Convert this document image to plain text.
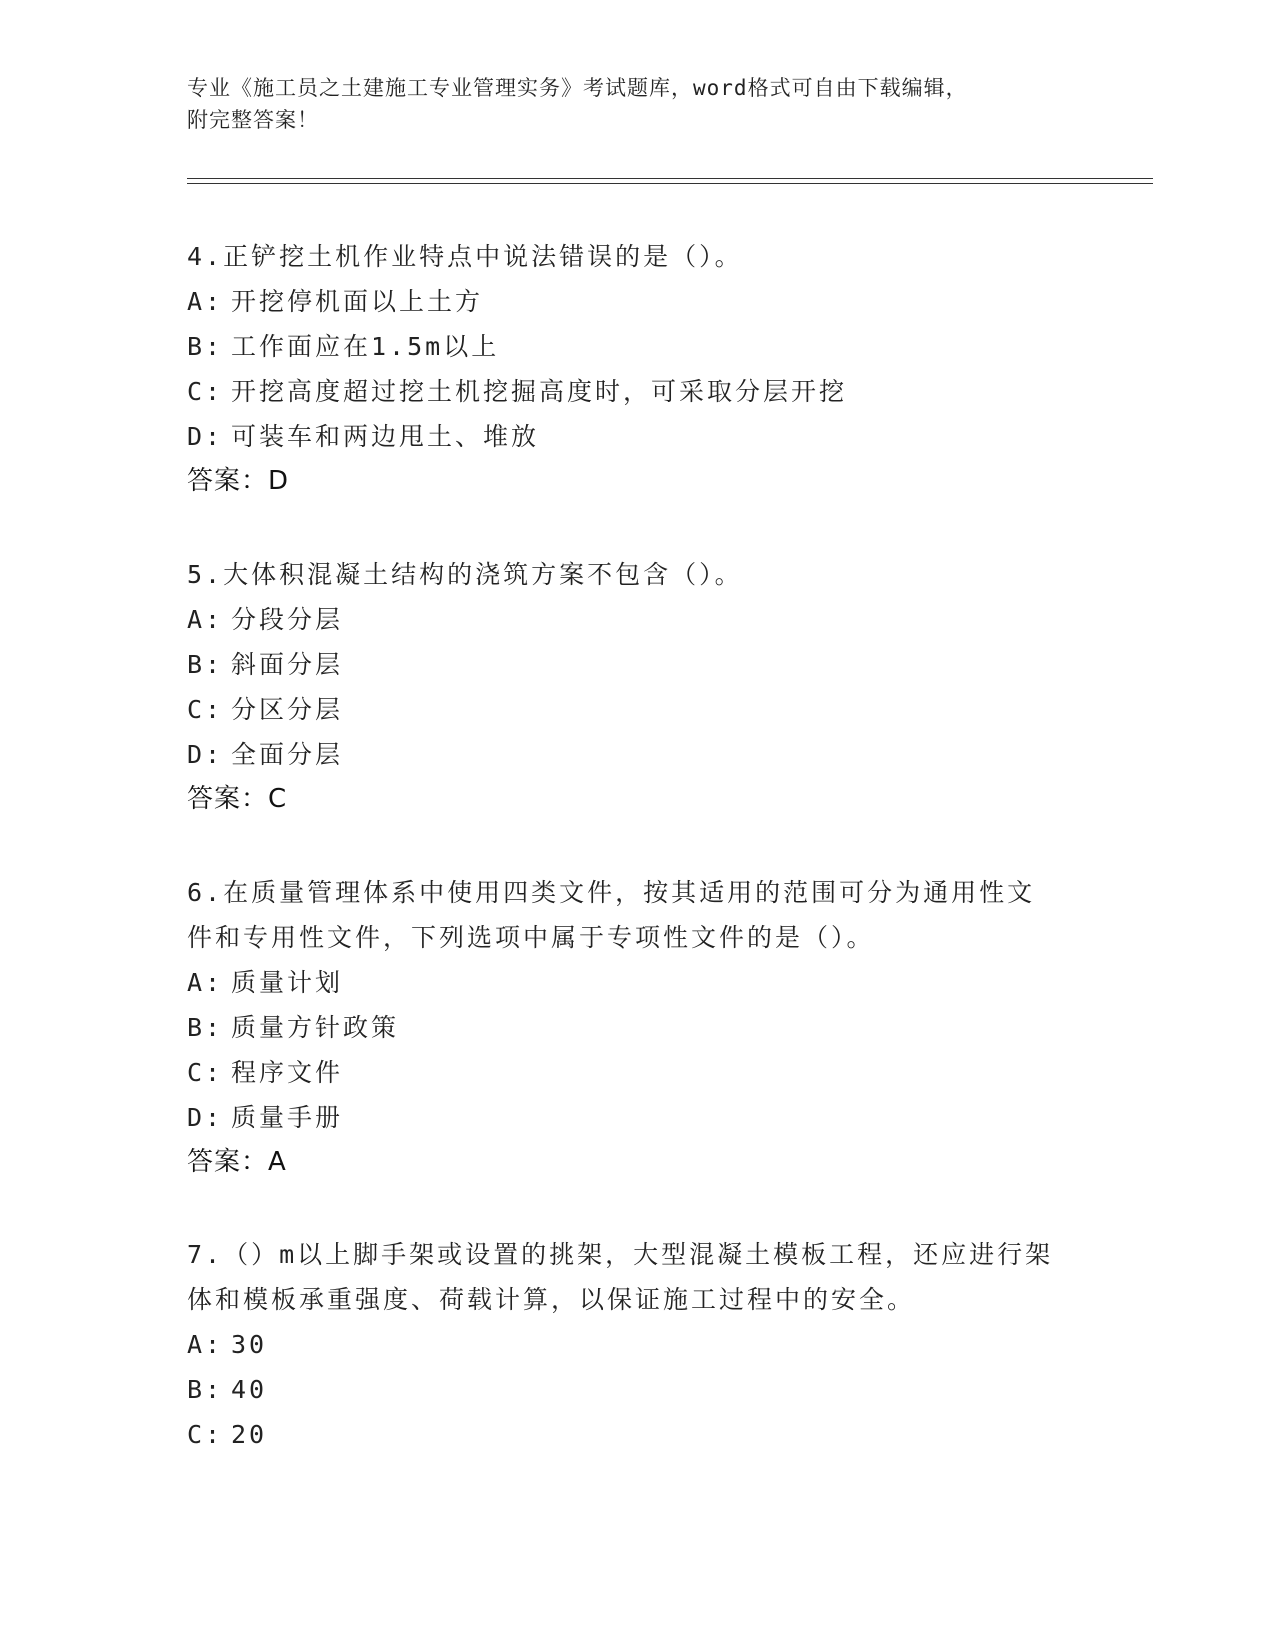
专业《施工员之土建施工专业管理实务》考试题库，word格式可自由下载编辑，
附完整答案！

4.正铲挖土机作业特点中说法错误的是（）。

A: 开挖停机面以上土方

B: 工作面应在1.5m以上

C: 开挖高度超过挖土机挖掘高度时，可采取分层开挖

D: 可装车和两边甩土、堆放

答案：D

5.大体积混凝土结构的浇筑方案不包含（）。

A: 分段分层

B: 斜面分层

C: 分区分层

D: 全面分层

答案：C

6.在质量管理体系中使用四类文件，按其适用的范围可分为通用性文

件和专用性文件，下列选项中属于专项性文件的是（）。

A: 质量计划

B: 质量方针政策

C: 程序文件

D: 质量手册

答案：A

7.（）m以上脚手架或设置的挑架，大型混凝土模板工程，还应进行架

体和模板承重强度、荷载计算，以保证施工过程中的安全。

A: 30

B: 40

C: 20
